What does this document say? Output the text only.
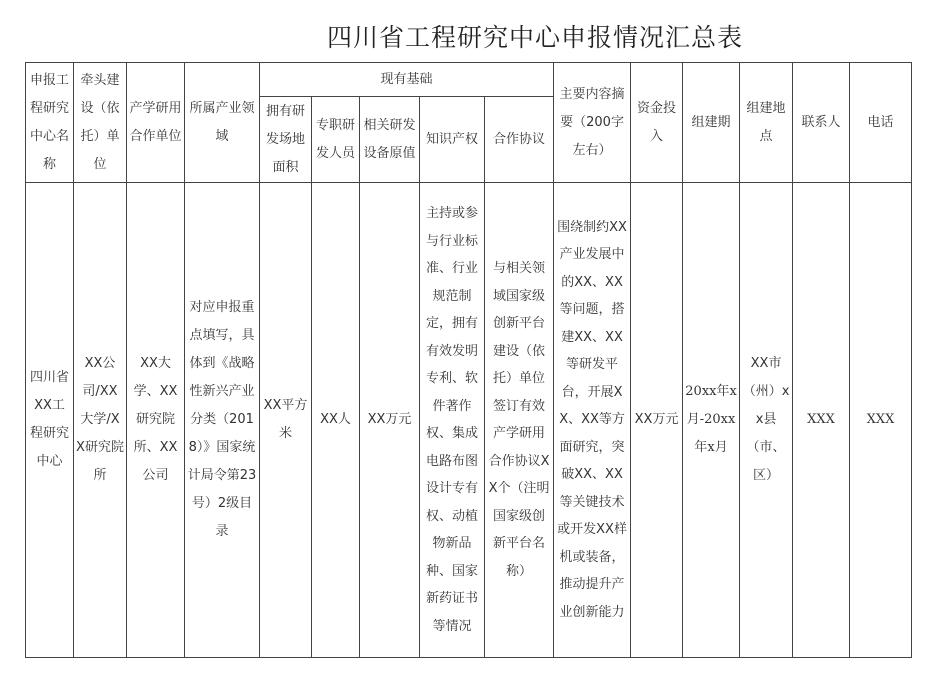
四川省工程研究中心申报情况汇总表
申报工程研究中心名称	牵头建设（依托）单位	产学研用合作单位	所属产业领域	现有基础					主要内容摘要（200字左右）	资金投入	组建期	组建地点	联系人	电话
				拥有研发场地面积	专职研发人员	相关研发设备原值	知识产权	合作协议						
四川省XX工程研究中心	XX公司/XX大学/XX研究院所	XX大学、XX研究院所、XX公司	对应申报重点填写，具体到《战略性新兴产业分类（2018）》国家统计局令第23号）2级目录	XX平方米	XX人	XX万元	主持或参与行业标准、行业规范制定，拥有有效发明专利、软件著作权、集成电路布图设计专有权、动植物新品种、国家新药证书等情况	与相关领域国家级创新平台建设（依托）单位签订有效产学研用合作协议XX个（注明国家级创新平台名称）	围绕制约XX产业发展中的XX、XX等问题，搭建XX、XX等研发平台，开展XX、XX等方面研究，突破XX、XX等关键技术或开发XX样机或装备，推动提升产业创新能力	XX万元	20xx年x月-20xx年x月	XX市（州）xx县（市、区）	XXX	XXX
